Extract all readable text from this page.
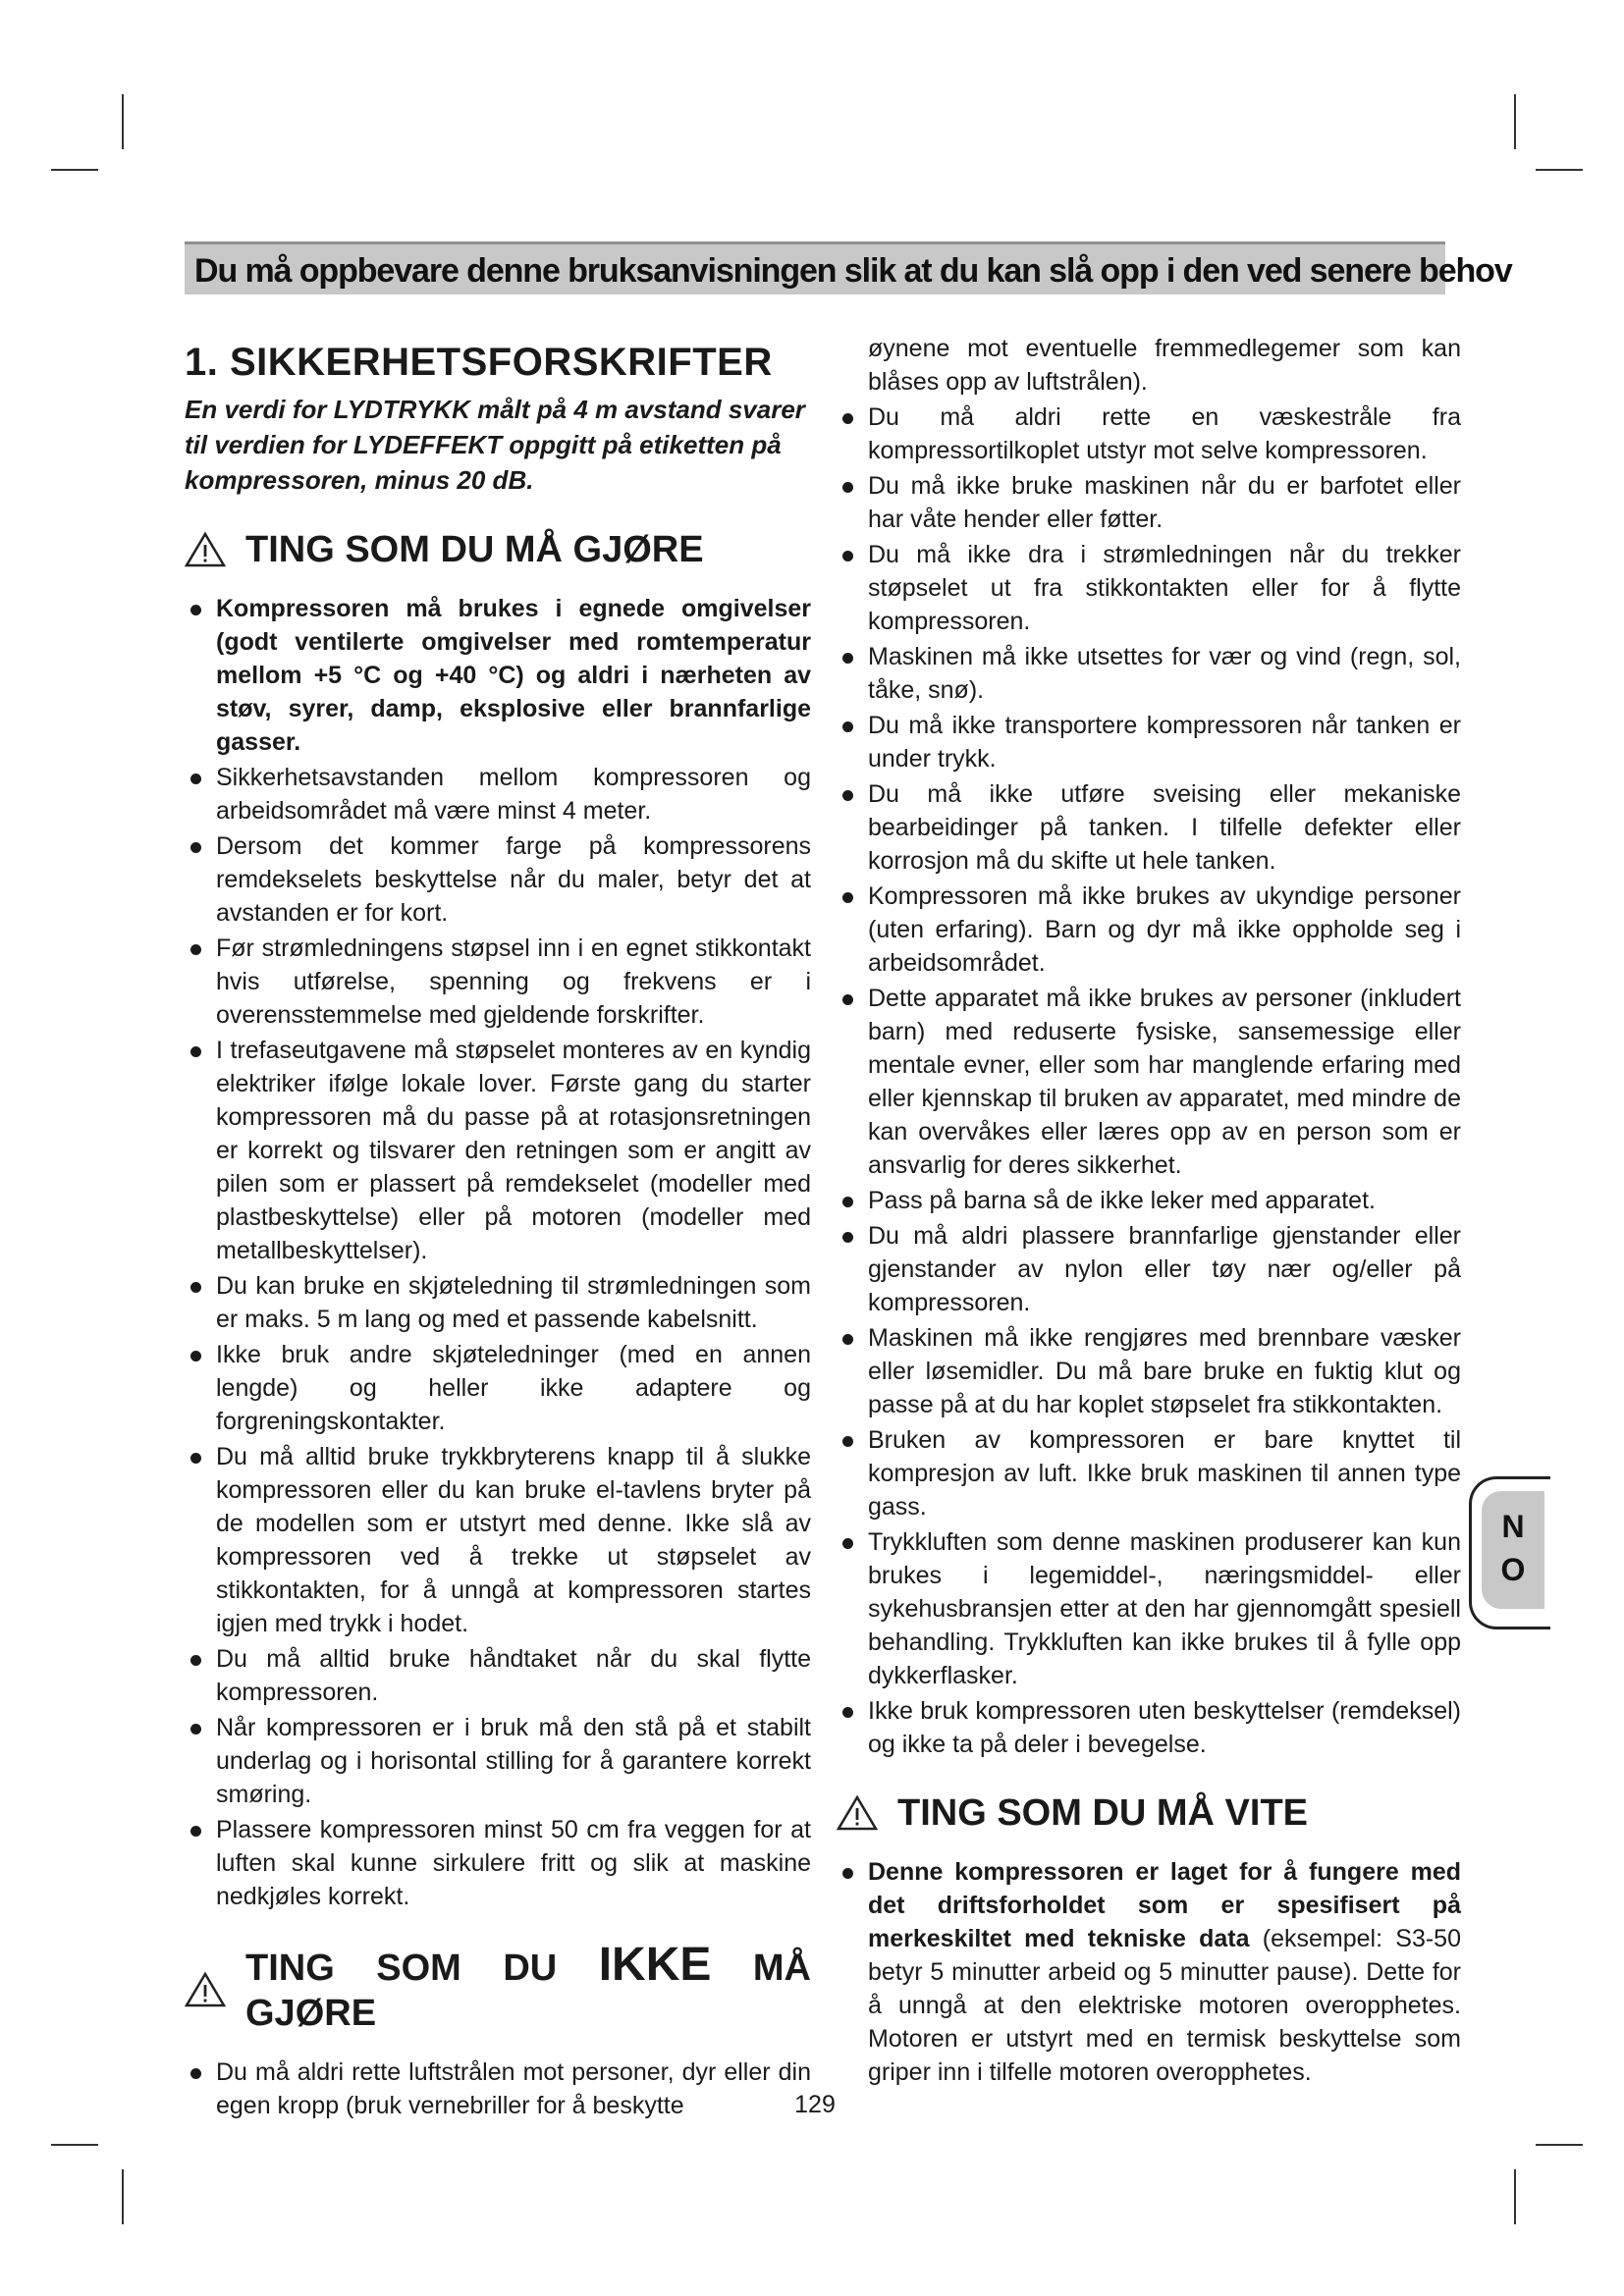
Du må oppbevare denne bruksanvisningen slik at du kan slå opp i den ved senere behov
1. SIKKERHETSFORSKRIFTER

En verdi for LYDTRYKK målt på 4 m avstand svarer til verdien for LYDEFFEKT oppgitt på etiketten på kompressoren, minus 20 dB.

TING SOM DU MÅ GJØRE
Kompressoren må brukes i egnede omgivelser (godt ventilerte omgivelser med romtemperatur mellom +5 °C og +40 °C) og aldri i nærheten av støv, syrer, damp, eksplosive eller brannfarlige gasser.
Sikkerhetsavstanden mellom kompressoren og arbeidsområdet må være minst 4 meter.
Dersom det kommer farge på kompressorens remdekselets beskyttelse når du maler, betyr det at avstanden er for kort.
Før strømledningens støpsel inn i en egnet stikkontakt hvis utførelse, spenning og frekvens er i overensstemmelse med gjeldende forskrifter.
I trefaseutgavene må støpselet monteres av en kyndig elektriker ifølge lokale lover. Første gang du starter kompressoren må du passe på at rotasjonsretningen er korrekt og tilsvarer den retningen som er angitt av pilen som er plassert på remdekselet (modeller med plastbeskyttelse) eller på motoren (modeller med metallbeskyttelser).
Du kan bruke en skjøteledning til strømledningen som er maks. 5 m lang og med et passende kabelsnitt.
Ikke bruk andre skjøteledninger (med en annen lengde) og heller ikke adaptere og forgreningskontakter.
Du må alltid bruke trykkbryterens knapp til å slukke kompressoren eller du kan bruke el-tavlens bryter på de modellen som er utstyrt med denne. Ikke slå av kompressoren ved å trekke ut støpselet av stikkontakten, for å unngå at kompressoren startes igjen med trykk i hodet.
Du må alltid bruke håndtaket når du skal flytte kompressoren.
Når kompressoren er i bruk må den stå på et stabilt underlag og i horisontal stilling for å garantere korrekt smøring.
Plassere kompressoren minst 50 cm fra veggen for at luften skal kunne sirkulere fritt og slik at maskine nedkjøles korrekt.
TING SOM DU IKKE MÅ GJØRE
Du må aldri rette luftstrålen mot personer, dyr eller din egen kropp (bruk vernebriller for å beskytte
øynene mot eventuelle fremmedlegemer som kan blåses opp av luftstrålen).
Du må aldri rette en væskestråle fra kompressortilkoplet utstyr mot selve kompressoren.
Du må ikke bruke maskinen når du er barfotet eller har våte hender eller føtter.
Du må ikke dra i strømledningen når du trekker støpselet ut fra stikkontakten eller for å flytte kompressoren.
Maskinen må ikke utsettes for vær og vind (regn, sol, tåke, snø).
Du må ikke transportere kompressoren når tanken er under trykk.
Du må ikke utføre sveising eller mekaniske bearbeidinger på tanken. I tilfelle defekter eller korrosjon må du skifte ut hele tanken.
Kompressoren må ikke brukes av ukyndige personer (uten erfaring). Barn og dyr må ikke oppholde seg i arbeidsområdet.
Dette apparatet må ikke brukes av personer (inkludert barn) med reduserte fysiske, sansemessige eller mentale evner, eller som har manglende erfaring med eller kjennskap til bruken av apparatet, med mindre de kan overvåkes eller læres opp av en person som er ansvarlig for deres sikkerhet.
Pass på barna så de ikke leker med apparatet.
Du må aldri plassere brannfarlige gjenstander eller gjenstander av nylon eller tøy nær og/eller på kompressoren.
Maskinen må ikke rengjøres med brennbare væsker eller løsemidler. Du må bare bruke en fuktig klut og passe på at du har koplet støpselet fra stikkontakten.
Bruken av kompressoren er bare knyttet til kompresjon av luft. Ikke bruk maskinen til annen type gass.
Trykkluften som denne maskinen produserer kan kun brukes i legemiddel-, næringsmiddel- eller sykehusbransjen etter at den har gjennomgått spesiell behandling. Trykkluften kan ikke brukes til å fylle opp dykkerflasker.
Ikke bruk kompressoren uten beskyttelser (remdeksel) og ikke ta på deler i bevegelse.
TING SOM DU MÅ VITE
Denne kompressoren er laget for å fungere med det driftsforholdet som er spesifisert på merkeskiltet med tekniske data (eksempel: S3-50 betyr 5 minutter arbeid og 5 minutter pause). Dette for å unngå at den elektriske motoren overopphetes. Motoren er utstyrt med en termisk beskyttelse som griper inn i tilfelle motoren overopphetes.
N
O
129
